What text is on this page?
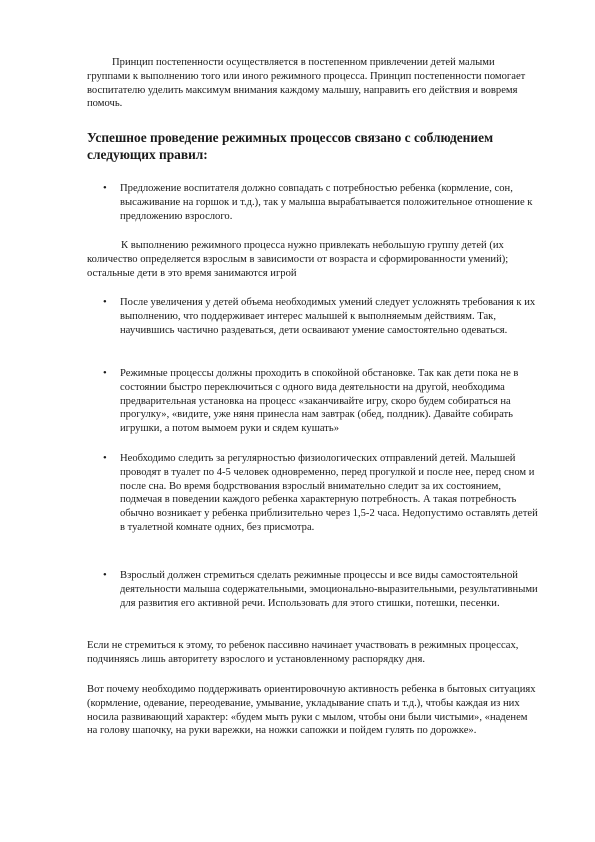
Принцип постепенности осуществляется в постепенном привлечении детей малыми группами к выполнению того или иного режимного процесса. Принцип постепенности помогает воспитателю уделить максимум внимания каждому малышу, направить его действия и вовремя помочь.

Успешное проведение режимных процессов связано с соблюдением следующих правил:
• Предложение воспитателя должно совпадать с потребностью ребенка (кормление, сон, высаживание на горшок и т.д.), так у малыша вырабатывается положительное отношение к предложению взрослого.

К выполнению режимного процесса нужно привлекать небольшую группу детей (их количество определяется взрослым в зависимости от возраста и сформированности умений); остальные дети в это время занимаются игрой

• После увеличения у детей объема необходимых умений следует усложнять требования к их выполнению, что поддерживает интерес малышей к выполняемым действиям. Так, научившись частично раздеваться, дети осваивают умение самостоятельно одеваться.

• Режимные процессы должны проходить в спокойной обстановке. Так как дети пока не в состоянии быстро переключиться с одного вида деятельности на другой, необходима предварительная установка на процесс «заканчивайте игру, скоро будем собираться на прогулку», «видите, уже няня принесла нам завтрак (обед, полдник). Давайте собирать игрушки, а потом вымоем руки и сядем кушать»

• Необходимо следить за регулярностью физиологических отправлений детей. Малышей проводят в туалет по 4-5 человек одновременно, перед прогулкой и после нее, перед сном и после сна. Во время бодрствования взрослый внимательно следит за их состоянием, подмечая в поведении каждого ребенка характерную потребность. А такая потребность обычно возникает у ребенка приблизительно через 1,5-2 часа. Недопустимо оставлять детей в туалетной комнате одних, без присмотра.

• Взрослый должен стремиться сделать режимные процессы и все виды самостоятельной деятельности малыша содержательными, эмоционально-выразительными, результативными для развития его активной речи. Использовать для этого стишки, потешки, песенки.

Если не стремиться к этому, то ребенок пассивно начинает участвовать в режимных процессах, подчиняясь лишь авторитету взрослого и установленному распорядку дня.

Вот почему необходимо поддерживать ориентировочную активность ребенка в бытовых ситуациях (кормление, одевание, переодевание, умывание, укладывание спать и т.д.), чтобы каждая из них носила развивающий характер: «будем мыть руки с мылом, чтобы они были чистыми», «наденем на голову шапочку, на руки варежки, на ножки сапожки и пойдем гулять по дорожке».
